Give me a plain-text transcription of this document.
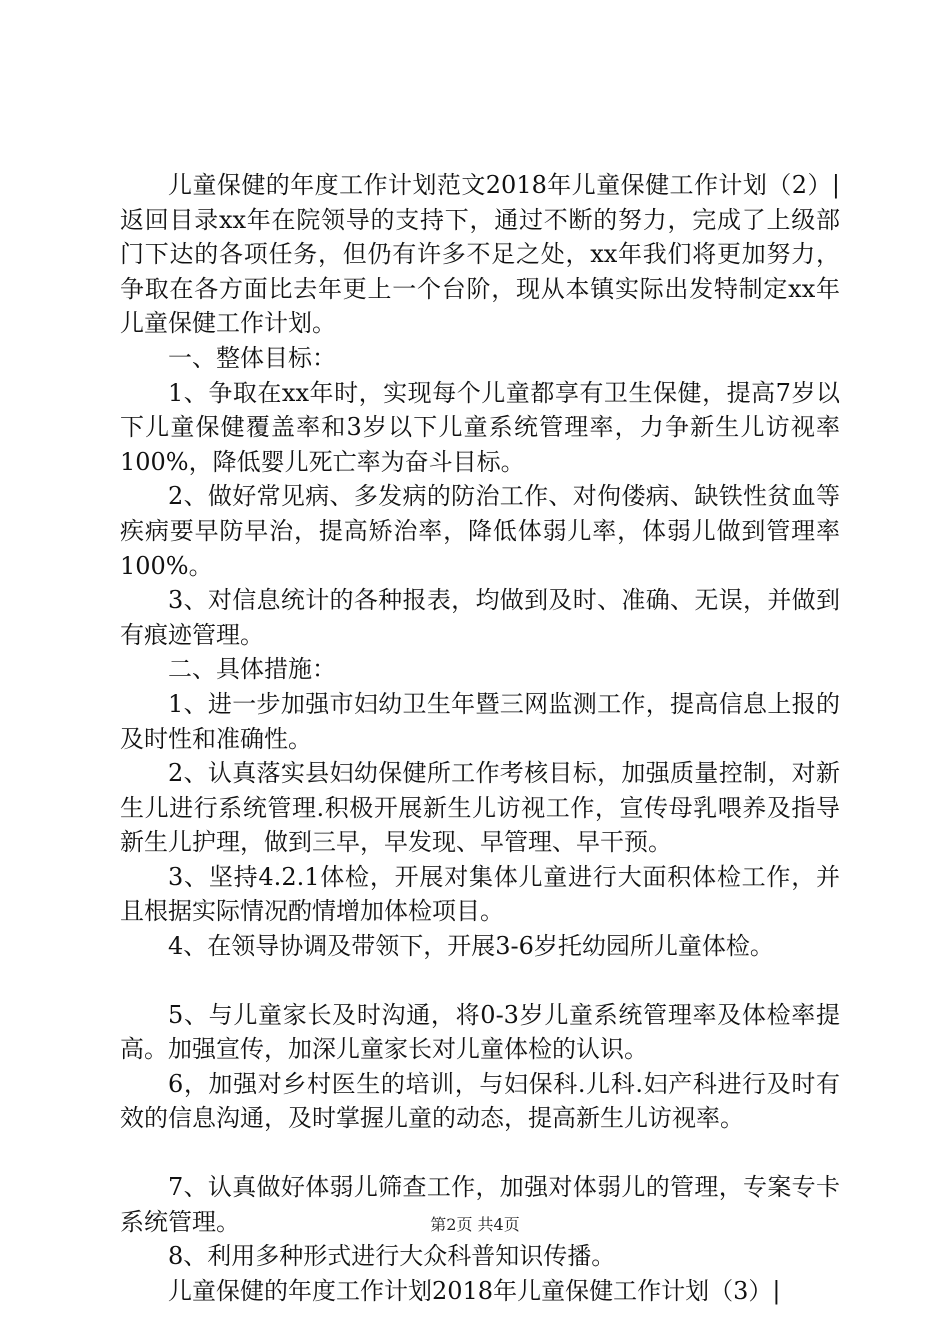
儿童保健的年度工作计划范文2018年儿童保健工作计划（2）|返回目录xx年在院领导的支持下，通过不断的努力，完成了上级部门下达的各项任务，但仍有许多不足之处，xx年我们将更加努力，争取在各方面比去年更上一个台阶，现从本镇实际出发特制定xx年儿童保健工作计划。

一、整体目标：

1、争取在xx年时，实现每个儿童都享有卫生保健，提高7岁以下儿童保健覆盖率和3岁以下儿童系统管理率，力争新生儿访视率100%，降低婴儿死亡率为奋斗目标。

2、做好常见病、多发病的防治工作、对佝偻病、缺铁性贫血等疾病要早防早治，提高矫治率，降低体弱儿率，体弱儿做到管理率100%。

3、对信息统计的各种报表，均做到及时、准确、无误，并做到有痕迹管理。

二、具体措施：

1、进一步加强市妇幼卫生年暨三网监测工作，提高信息上报的及时性和准确性。

2、认真落实县妇幼保健所工作考核目标，加强质量控制，对新生儿进行系统管理.积极开展新生儿访视工作，宣传母乳喂养及指导新生儿护理，做到三早，早发现、早管理、早干预。

3、坚持4.2.1体检，开展对集体儿童进行大面积体检工作，并且根据实际情况酌情增加体检项目。

4、在领导协调及带领下，开展3-6岁托幼园所儿童体检。

5、与儿童家长及时沟通，将0-3岁儿童系统管理率及体检率提高。加强宣传，加深儿童家长对儿童体检的认识。

6，加强对乡村医生的培训，与妇保科.儿科.妇产科进行及时有效的信息沟通，及时掌握儿童的动态，提高新生儿访视率。

7、认真做好体弱儿筛查工作，加强对体弱儿的管理，专案专卡系统管理。

8、利用多种形式进行大众科普知识传播。

儿童保健的年度工作计划2018年儿童保健工作计划（3）|

第2页 共4页
